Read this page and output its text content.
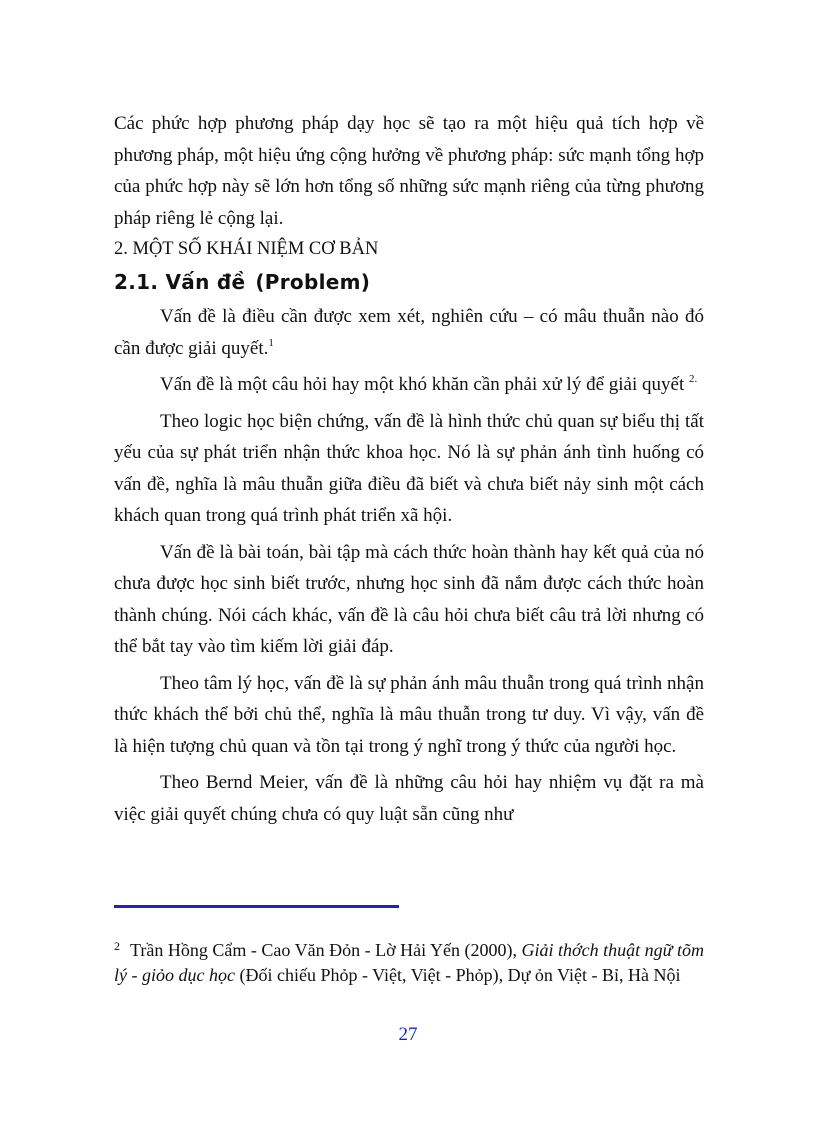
Các phức hợp phương pháp dạy học sẽ tạo ra một hiệu quả tích hợp về phương pháp, một hiệu ứng cộng hưởng về phương pháp: sức mạnh tổng hợp của phức hợp này sẽ lớn hơn tổng số những sức mạnh riêng của từng phương pháp riêng lẻ cộng lại.

2. MỘT SỐ KHÁI NIỆM CƠ BẢN

2.1. Vấn đề (Problem)

Vấn đề là điều cần được xem xét, nghiên cứu – có mâu thuẫn nào đó cần được giải quyết.$^1$

Vấn đề là một câu hỏi hay một khó khăn cần phải xử lý để giải quyết $^{2.}$

Theo logic học biện chứng, vấn đề là hình thức chủ quan sự biểu thị tất yếu của sự phát triển nhận thức khoa học. Nó là sự phản ánh tình huống có vấn đề, nghĩa là mâu thuẫn giữa điều đã biết và chưa biết nảy sinh một cách khách quan trong quá trình phát triển xã hội.

Vấn đề là bài toán, bài tập mà cách thức hoàn thành hay kết quả của nó chưa được học sinh biết trước, nhưng học sinh đã nắm được cách thức hoàn thành chúng. Nói cách khác, vấn đề là câu hỏi chưa biết câu trả lời nhưng có thể bắt tay vào tìm kiếm lời giải đáp.

Theo tâm lý học, vấn đề là sự phản ánh mâu thuẫn trong quá trình nhận thức khách thể bởi chủ thể, nghĩa là mâu thuẫn trong tư duy. Vì vậy, vấn đề là hiện tượng chủ quan và tồn tại trong ý nghĩ trong ý thức của người học.

Theo Bernd Meier, vấn đề là những câu hỏi hay nhiệm vụ đặt ra mà việc giải quyết chúng chưa có quy luật sẵn cũng như

$^2$ Trần Hồng Cẩm - Cao Văn Đỏn - Lờ Hải Yến (2000), Giải thớch thuật ngữ tõm lý - giỏo dục học (Đối chiếu Phỏp - Việt, Việt - Phỏp), Dự ỏn Việt - Bỉ, Hà Nội

27
